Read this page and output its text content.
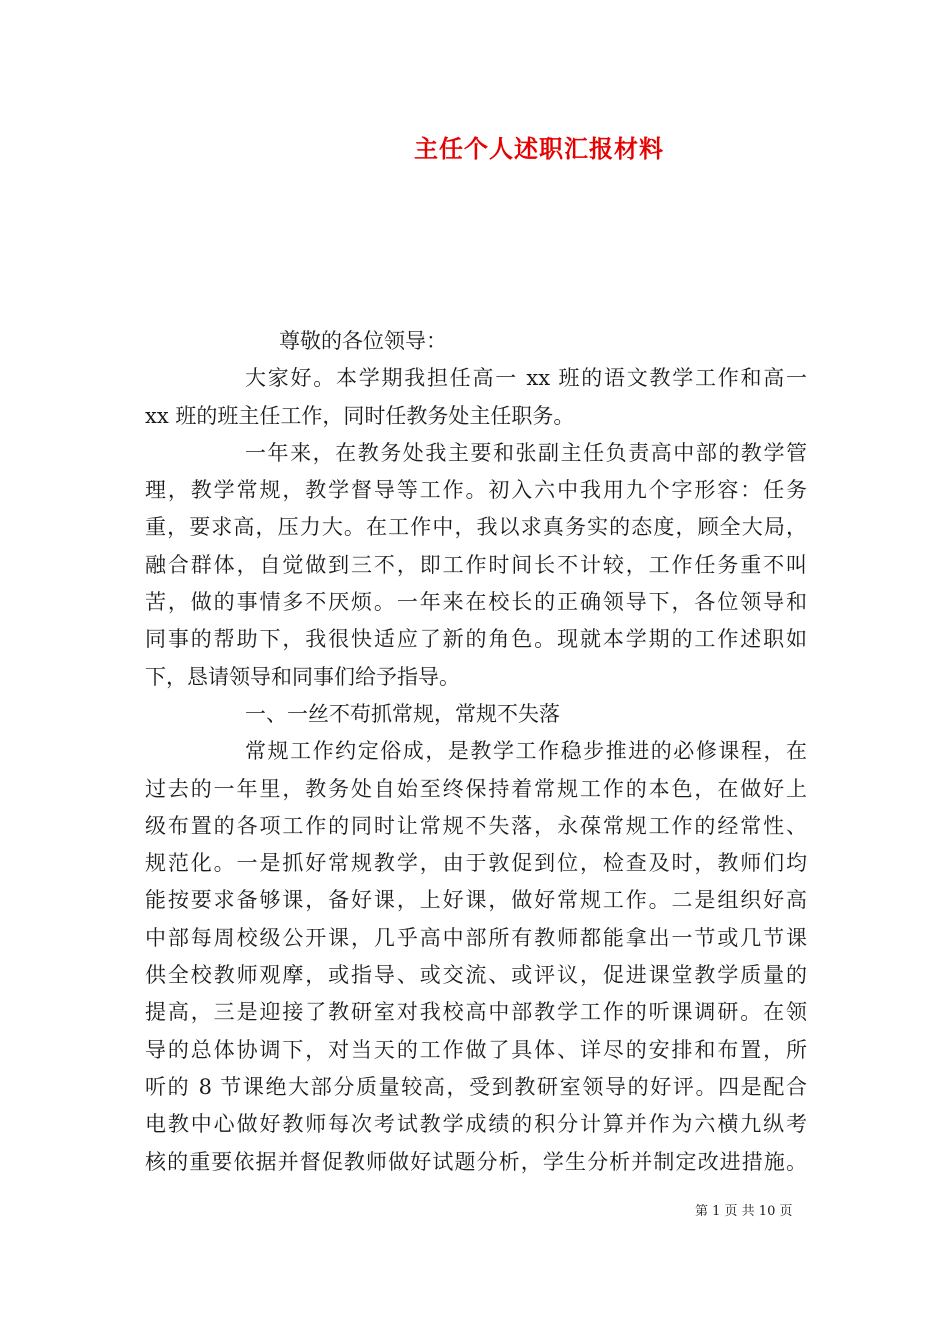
主任个人述职汇报材料

尊敬的各位领导：

大家好。本学期我担任高一 xx 班的语文教学工作和高一

xx 班的班主任工作，同时任教务处主任职务。

一年来，在教务处我主要和张副主任负责高中部的教学管

理，教学常规，教学督导等工作。初入六中我用九个字形容：任务

重，要求高，压力大。在工作中，我以求真务实的态度，顾全大局，

融合群体，自觉做到三不，即工作时间长不计较，工作任务重不叫

苦，做的事情多不厌烦。一年来在校长的正确领导下，各位领导和

同事的帮助下，我很快适应了新的角色。现就本学期的工作述职如

下，恳请领导和同事们给予指导。

一、一丝不苟抓常规，常规不失落

常规工作约定俗成，是教学工作稳步推进的必修课程，在

过去的一年里，教务处自始至终保持着常规工作的本色，在做好上

级布置的各项工作的同时让常规不失落，永葆常规工作的经常性、

规范化。一是抓好常规教学，由于敦促到位，检查及时，教师们均

能按要求备够课，备好课，上好课，做好常规工作。二是组织好高

中部每周校级公开课，几乎高中部所有教师都能拿出一节或几节课

供全校教师观摩，或指导、或交流、或评议，促进课堂教学质量的

提高，三是迎接了教研室对我校高中部教学工作的听课调研。在领

导的总体协调下，对当天的工作做了具体、详尽的安排和布置，所

听的 8 节课绝大部分质量较高，受到教研室领导的好评。四是配合

电教中心做好教师每次考试教学成绩的积分计算并作为六横九纵考

核的重要依据并督促教师做好试题分析，学生分析并制定改进措施。

第 1 页 共 10 页
